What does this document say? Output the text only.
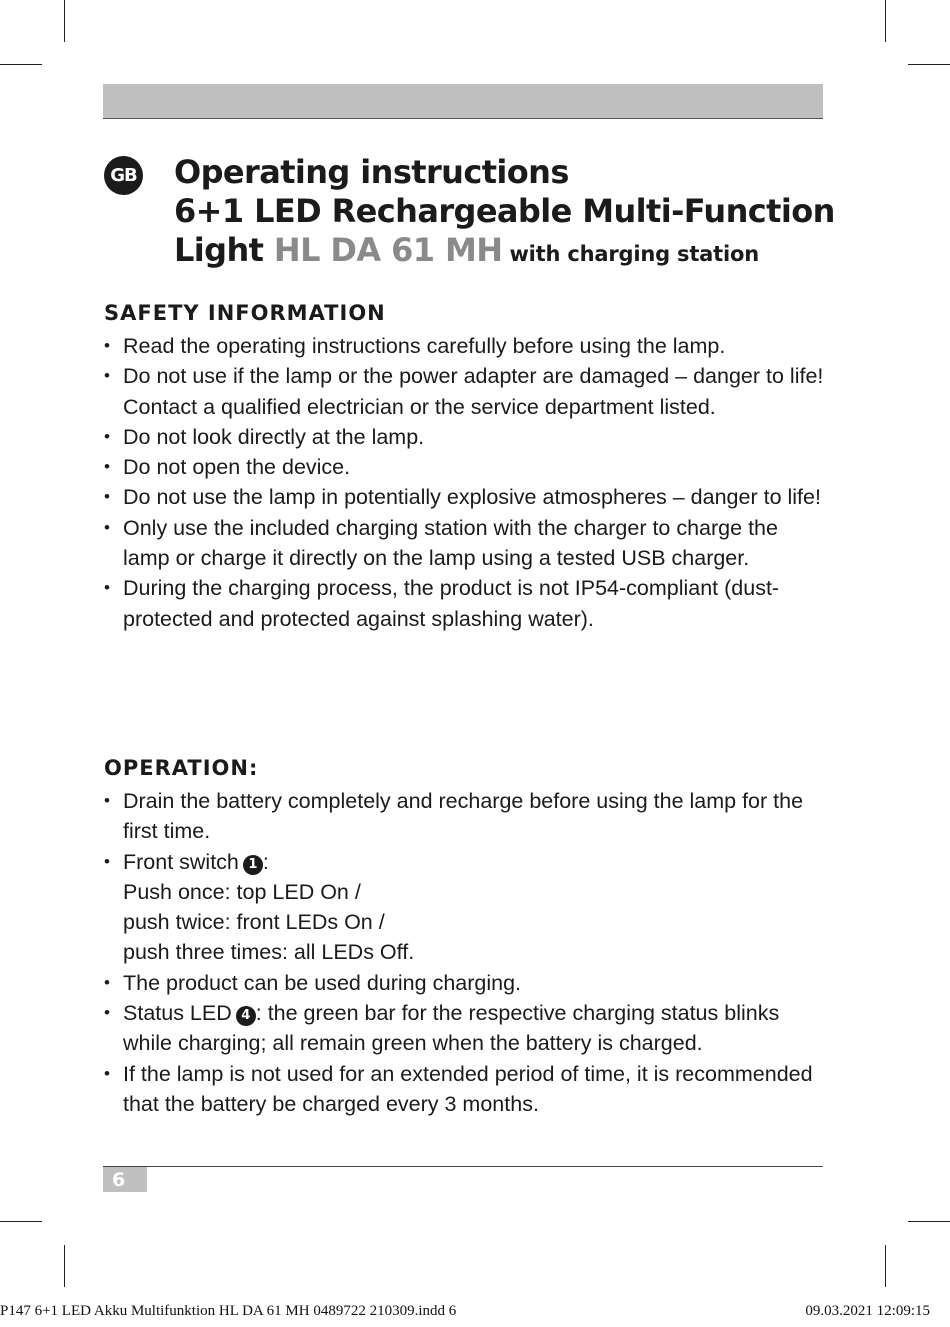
GB Operating instructions
6+1 LED Rechargeable Multi-Function
Light HL DA 61 MH with charging station
SAFETY INFORMATION
• Read the operating instructions carefully before using the lamp.
• Do not use if the lamp or the power adapter are damaged – danger to life! Contact a qualified electrician or the service department listed.
• Do not look directly at the lamp.
• Do not open the device.
• Do not use the lamp in potentially explosive atmospheres – danger to life!
• Only use the included charging station with the charger to charge the lamp or charge it directly on the lamp using a tested USB charger.
• During the charging process, the product is not IP54-compliant (dust-protected and protected against splashing water).
OPERATION:
• Drain the battery completely and recharge before using the lamp for the first time.
• Front switch 1 :
Push once: top LED On /
push twice: front LEDs On /
push three times: all LEDs Off.
• The product can be used during charging.
• Status LED 4 : the green bar for the respective charging status blinks while charging; all remain green when the battery is charged.
• If the lamp is not used for an extended period of time, it is recommended that the battery be charged every 3 months.
6
P147 6+1 LED Akku Multifunktion HL DA 61 MH 0489722 210309.indd 6	09.03.2021 12:09:15
